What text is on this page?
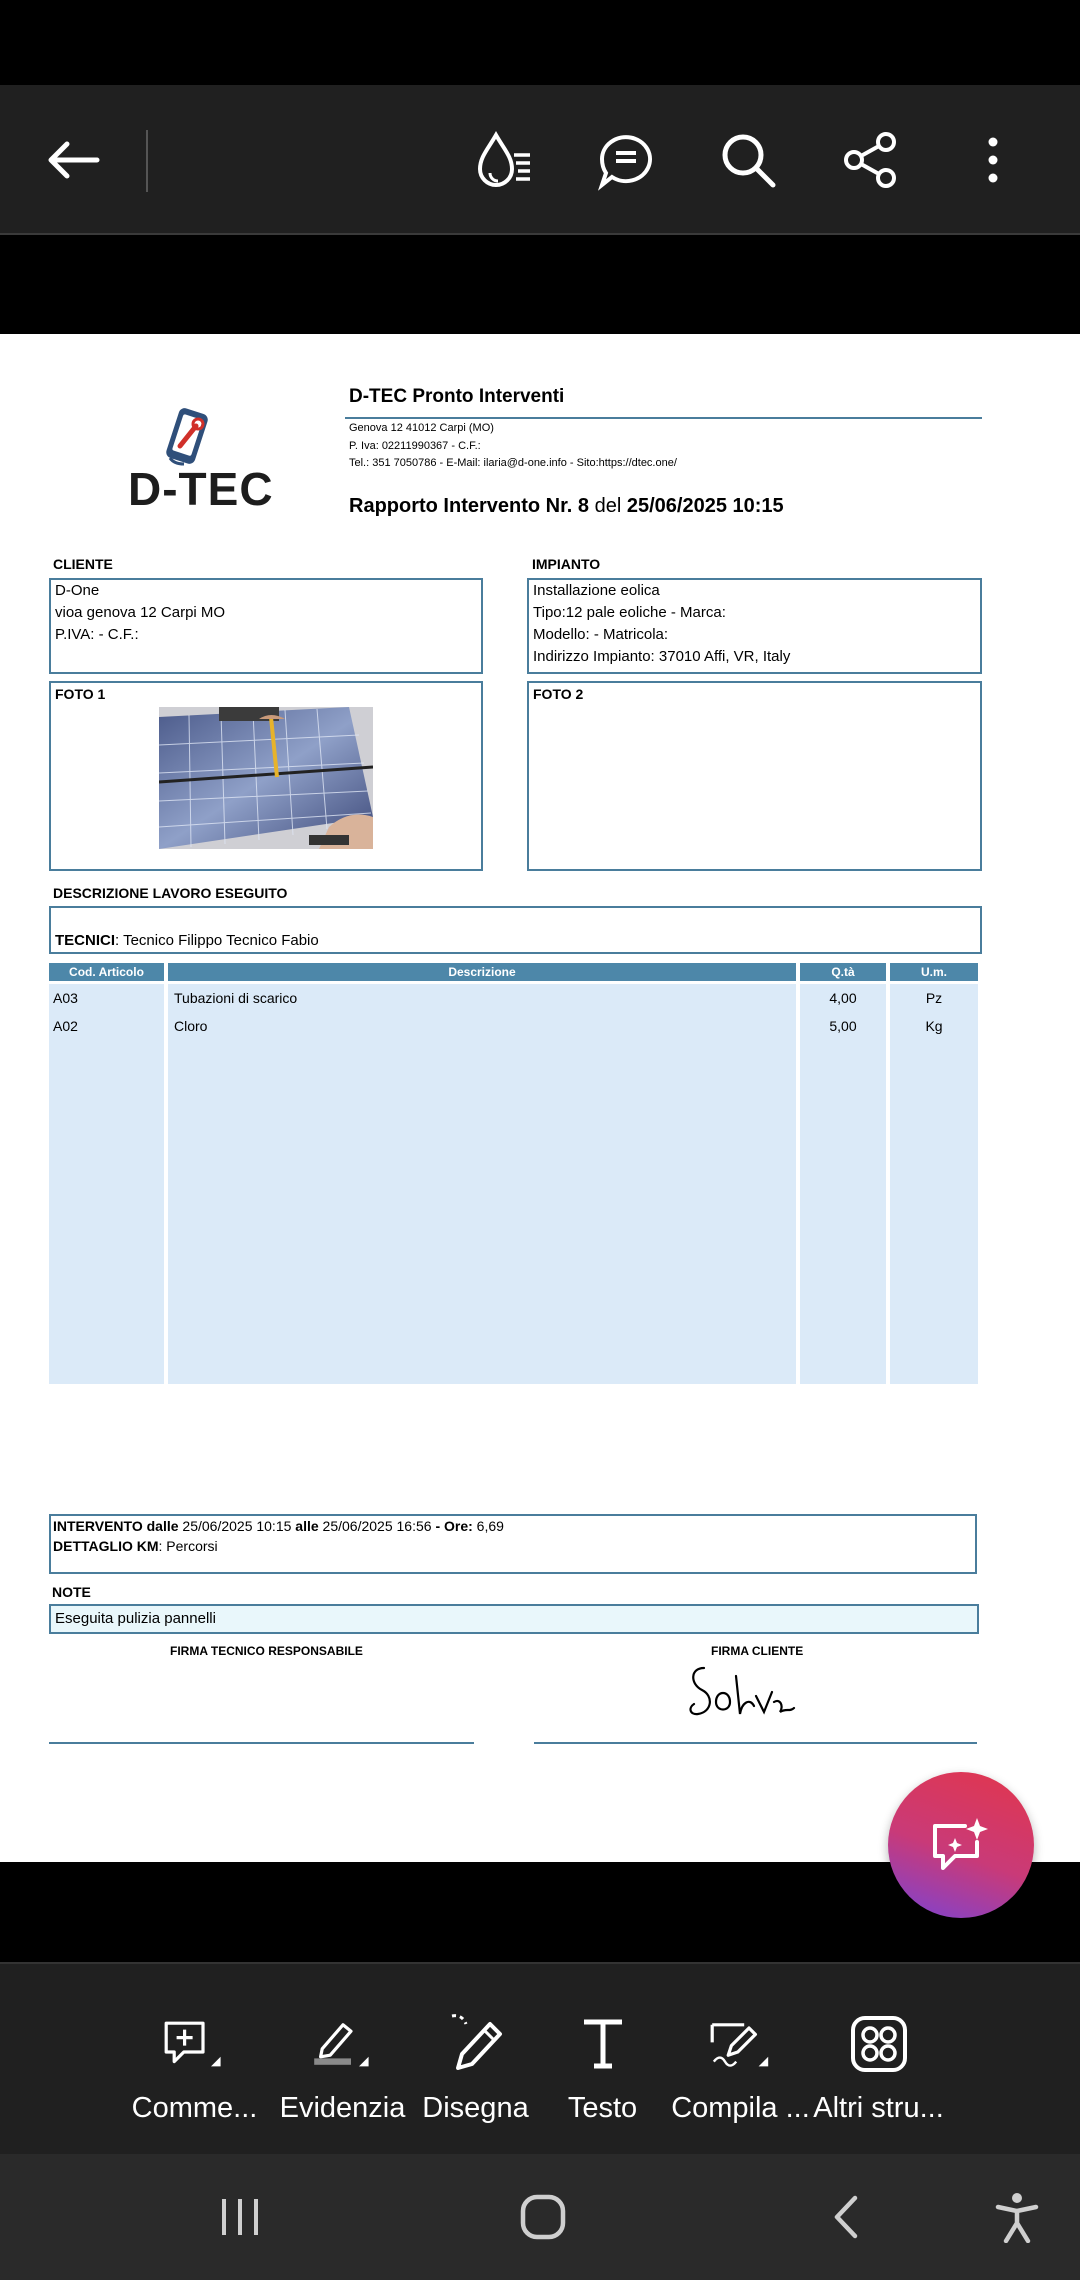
D-TEC
D-TEC Pronto Interventi
Genova 12 41012 Carpi (MO)
P. Iva: 02211990367 - C.F.:
Tel.: 351 7050786 - E-Mail: ilaria@d-one.info - Sito:https://dtec.one/
Rapporto Intervento Nr. 8 del 25/06/2025 10:15
CLIENTE
D-One
vioa genova 12 Carpi MO
P.IVA: - C.F.:
IMPIANTO
Installazione eolica
Tipo:12 pale eoliche - Marca:
Modello: - Matricola:
Indirizzo Impianto: 37010 Affi, VR, Italy
FOTO 1	FOTO 2
DESCRIZIONE LAVORO ESEGUITO
TECNICI: Tecnico Filippo Tecnico Fabio
Cod. Articolo	Descrizione	Q.tà	U.m.
A03	Tubazioni di scarico	4,00	Pz
A02	Cloro	5,00	Kg
INTERVENTO dalle 25/06/2025 10:15 alle 25/06/2025 16:56 - Ore: 6,69
DETTAGLIO KM: Percorsi
NOTE
Eseguita pulizia pannelli
FIRMA TECNICO RESPONSABILE	FIRMA CLIENTE
Comme... Evidenzia Disegna Testo Compila ... Altri stru...
